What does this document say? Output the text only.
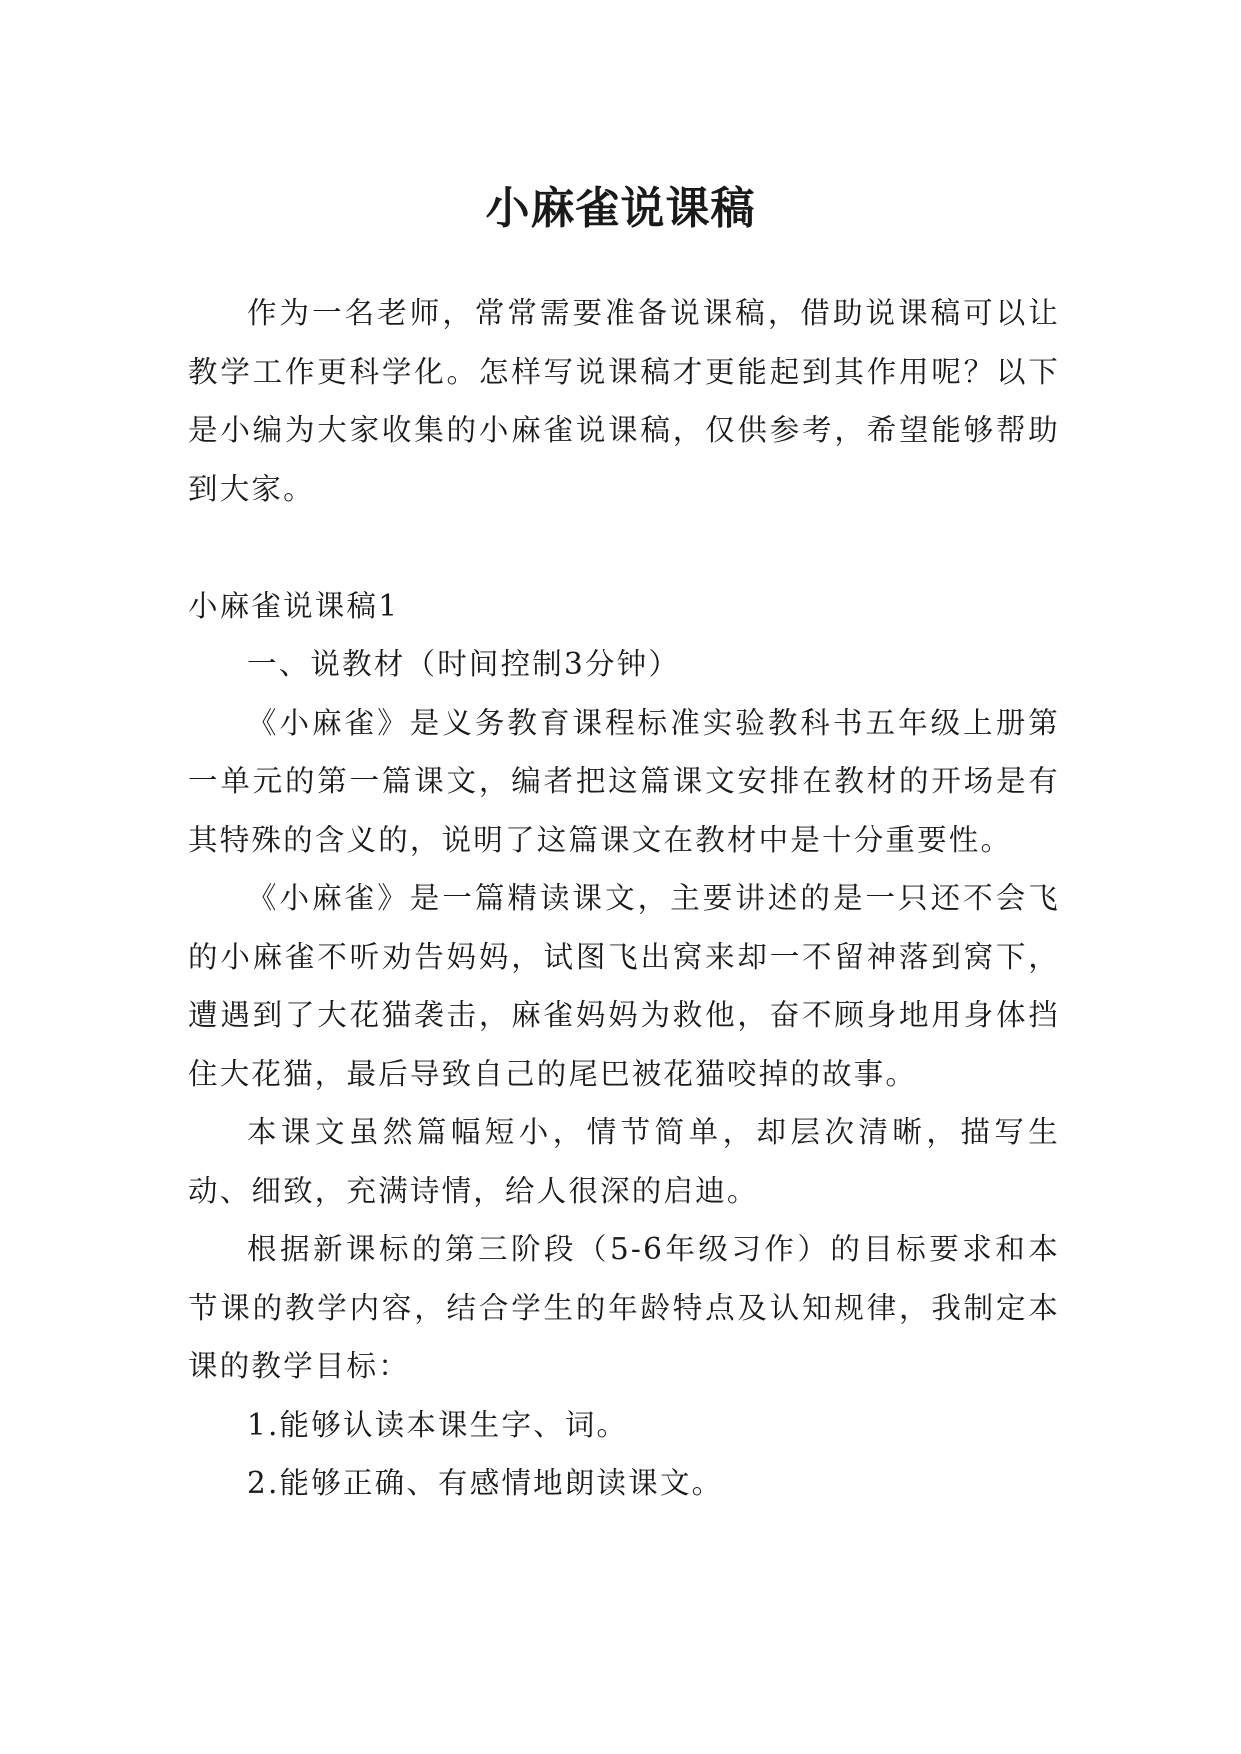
小麻雀说课稿

作为一名老师，常常需要准备说课稿，借助说课稿可以让教学工作更科学化。怎样写说课稿才更能起到其作用呢？以下是小编为大家收集的小麻雀说课稿，仅供参考，希望能够帮助到大家。

小麻雀说课稿1

一、说教材（时间控制3分钟）

《小麻雀》是义务教育课程标准实验教科书五年级上册第一单元的第一篇课文，编者把这篇课文安排在教材的开场是有其特殊的含义的，说明了这篇课文在教材中是十分重要性。

《小麻雀》是一篇精读课文，主要讲述的是一只还不会飞的小麻雀不听劝告妈妈，试图飞出窝来却一不留神落到窝下，遭遇到了大花猫袭击，麻雀妈妈为救他，奋不顾身地用身体挡住大花猫，最后导致自己的尾巴被花猫咬掉的故事。

本课文虽然篇幅短小，情节简单，却层次清晰，描写生动、细致，充满诗情，给人很深的启迪。

根据新课标的第三阶段（5-6年级习作）的目标要求和本节课的教学内容，结合学生的年龄特点及认知规律，我制定本课的教学目标：

1.能够认读本课生字、词。

2.能够正确、有感情地朗读课文。
